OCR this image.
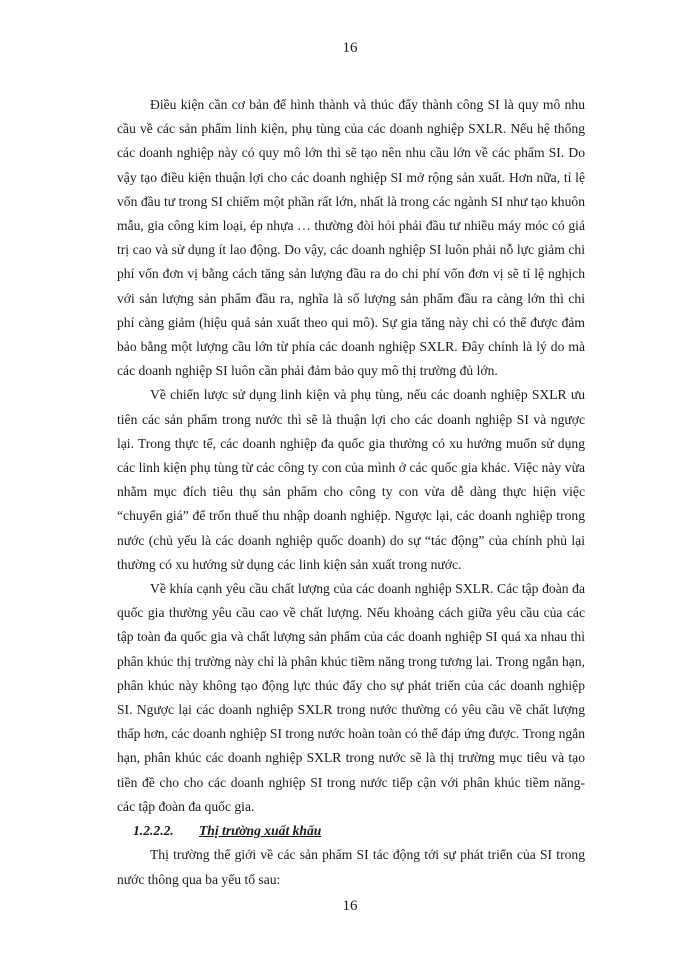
16

Điều kiện cần cơ bản để hình thành và thúc đẩy thành công SI là quy mô nhu cầu về các sản phẩm linh kiện, phụ tùng của các doanh nghiệp SXLR. Nếu hệ thống các doanh nghiệp này có quy mô lớn thì sẽ tạo nên nhu cầu lớn về các phẩm SI. Do vậy tạo điều kiện thuận lợi cho các doanh nghiệp SI mở rộng sản xuất. Hơn nữa, tỉ lệ vốn đầu tư trong SI chiếm một phần rất lớn, nhất là trong các ngành SI như tạo khuôn mẫu, gia công kim loại, ép nhựa … thường đòi hỏi phải đầu tư nhiều máy móc có giá trị cao và sử dụng ít lao động. Do vậy, các doanh nghiệp SI luôn phải nỗ lực giảm chi phí vốn đơn vị bằng cách tăng sản lượng đầu ra do chi phí vốn đơn vị sẽ tỉ lệ nghịch với sản lượng sản phẩm đầu ra, nghĩa là số lượng sản phẩm đầu ra càng lớn thì chi phí càng giảm (hiệu quả sản xuất theo qui mô). Sự gia tăng này chỉ có thể được đảm bảo bằng một lượng cầu lớn từ phía các doanh nghiệp SXLR. Đây chính là lý do mà các doanh nghiệp SI luôn cần phải đảm bảo quy mô thị trường đủ lớn.

Về chiến lược sử dụng linh kiện và phụ tùng, nếu các doanh nghiệp SXLR ưu tiên các sản phẩm trong nước thì sẽ là thuận lợi cho các doanh nghiệp SI và ngược lại. Trong thực tế, các doanh nghiệp đa quốc gia thường có xu hướng muốn sử dụng các linh kiện phụ tùng từ các công ty con của mình ở các quốc gia khác. Việc này vừa nhằm mục đích tiêu thụ sản phẩm cho công ty con vừa dễ dàng thực hiện việc “chuyển giá” để trốn thuế thu nhập doanh nghiệp. Ngược lại, các doanh nghiệp trong nước (chủ yếu là các doanh nghiệp quốc doanh) do sự “tác động” của chính phủ lại thường có xu hướng sử dụng các linh kiện sản xuất trong nước.

Về khía cạnh yêu cầu chất lượng của các doanh nghiệp SXLR. Các tập đoàn đa quốc gia thường yêu cầu cao về chất lượng. Nếu khoảng cách giữa yêu cầu của các tập toàn đa quốc gia và chất lượng sản phẩm của các doanh nghiệp SI quá xa nhau thì phân khúc thị trường này chỉ là phân khúc tiềm năng trong tương lai. Trong ngắn hạn, phân khúc này không tạo động lực thúc đẩy cho sự phát triển của các doanh nghiệp SI. Ngược lại các doanh nghiệp SXLR trong nước thường có yêu cầu về chất lượng thấp hơn, các doanh nghiệp SI trong nước hoàn toàn có thể đáp ứng được. Trong ngắn hạn, phân khúc các doanh nghiệp SXLR trong nước sẽ là thị trường mục tiêu và tạo tiền đề cho cho các doanh nghiệp SI trong nước tiếp cận với phân khúc tiềm năng- các tập đoàn đa quốc gia.

1.2.2.2. Thị trường xuất khẩu

Thị trường thế giới về các sản phẩm SI tác động tới sự phát triển của SI trong nước thông qua ba yếu tố sau:

16
